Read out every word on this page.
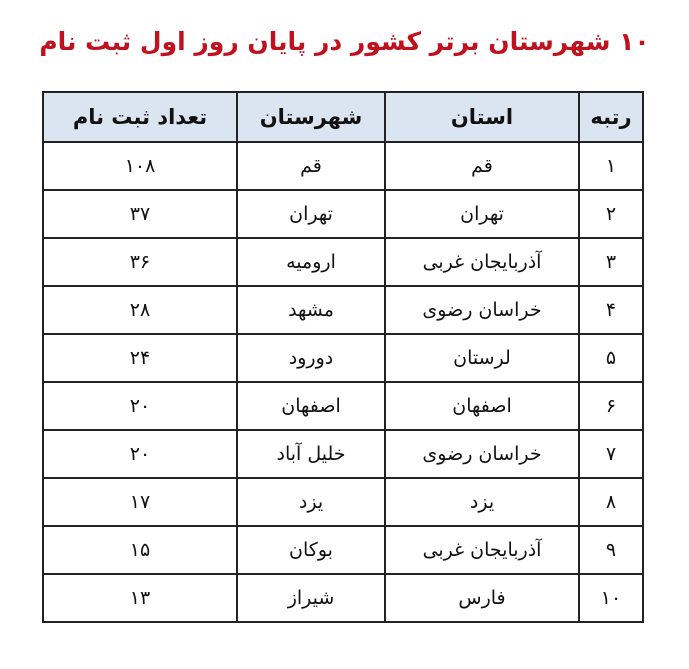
۱۰ شهرستان برتر کشور در پایان روز اول ثبت نام
رتبه	استان	شهرستان	تعداد ثبت نام
۱	قم	قم	۱۰۸
۲	تهران	تهران	۳۷
۳	آذربایجان غربی	ارومیه	۳۶
۴	خراسان رضوی	مشهد	۲۸
۵	لرستان	دورود	۲۴
۶	اصفهان	اصفهان	۲۰
۷	خراسان رضوی	خلیل آباد	۲۰
۸	یزد	یزد	۱۷
۹	آذربایجان غربی	بوکان	۱۵
۱۰	فارس	شیراز	۱۳
